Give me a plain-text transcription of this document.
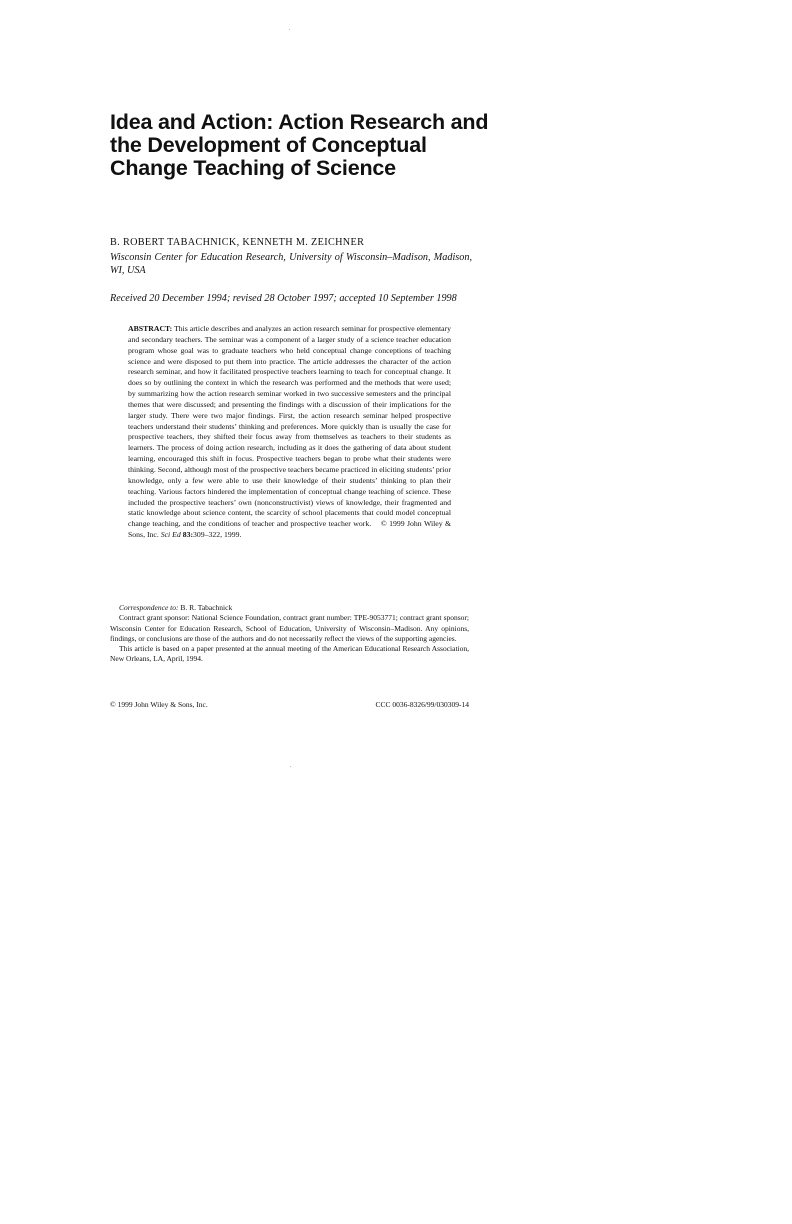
Idea and Action: Action Research and the Development of Conceptual Change Teaching of Science

B. ROBERT TABACHNICK, KENNETH M. ZEICHNER

Wisconsin Center for Education Research, University of Wisconsin–Madison, Madison, WI, USA

Received 20 December 1994; revised 28 October 1997; accepted 10 September 1998

ABSTRACT: This article describes and analyzes an action research seminar for prospective elementary and secondary teachers. The seminar was a component of a larger study of a science teacher education program whose goal was to graduate teachers who held conceptual change conceptions of teaching science and were disposed to put them into practice. The article addresses the character of the action research seminar, and how it facilitated prospective teachers learning to teach for conceptual change. It does so by outlining the context in which the research was performed and the methods that were used; by summarizing how the action research seminar worked in two successive semesters and the principal themes that were discussed; and presenting the findings with a discussion of their implications for the larger study. There were two major findings. First, the action research seminar helped prospective teachers understand their students’ thinking and preferences. More quickly than is usually the case for prospective teachers, they shifted their focus away from themselves as teachers to their students as learners. The process of doing action research, including as it does the gathering of data about student learning, encouraged this shift in focus. Prospective teachers began to probe what their students were thinking. Second, although most of the prospective teachers became practiced in eliciting students’ prior knowledge, only a few were able to use their knowledge of their students’ thinking to plan their teaching. Various factors hindered the implementation of conceptual change teaching of science. These included the prospective teachers’ own (nonconstructivist) views of knowledge, their fragmented and static knowledge about science content, the scarcity of school placements that could model conceptual change teaching, and the conditions of teacher and prospective teacher work. © 1999 John Wiley & Sons, Inc. Sci Ed 83:309–322, 1999.

Correspondence to: B. R. Tabachnick

Contract grant sponsor: National Science Foundation, contract grant number: TPE-9053771; contract grant sponsor; Wisconsin Center for Education Research, School of Education, University of Wisconsin–Madison. Any opinions, findings, or conclusions are those of the authors and do not necessarily reflect the views of the supporting agencies.

This article is based on a paper presented at the annual meeting of the American Educational Research Association, New Orleans, LA, April, 1994.

© 1999 John Wiley & Sons, Inc.	CCC 0036-8326/99/030309-14
